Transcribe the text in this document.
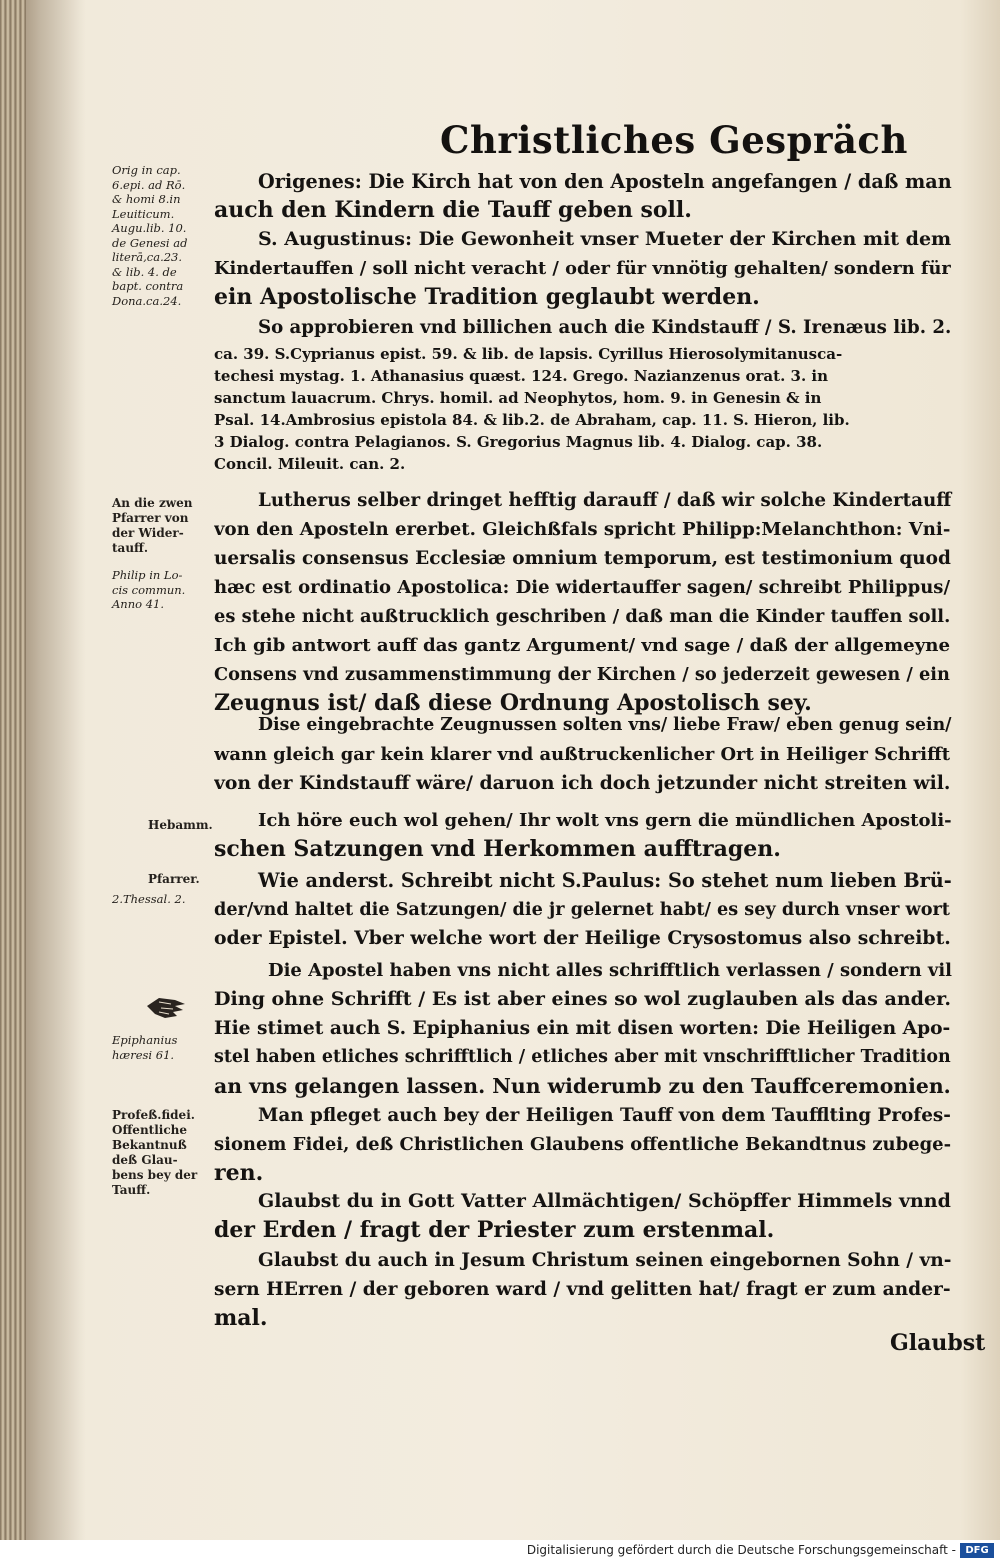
Christliches Gespräch
Origenes: Die Kirch hat von den Aposteln angefangen / daß man
auch den Kindern die Tauff geben soll.
S. Augustinus: Die Gewonheit vnser Mueter der Kirchen mit dem
Kindertauffen / soll nicht veracht / oder für vnnötig gehalten/ sondern für
ein Apostolische Tradition geglaubt werden.
So approbieren vnd billichen auch die Kindstauff / S. Irenæus lib. 2.
ca. 39. S.Cyprianus epist. 59. & lib. de lapsis. Cyrillus Hierosolymitanusca-
techesi mystag. 1. Athanasius quæst. 124. Grego. Nazianzenus orat. 3. in
sanctum lauacrum. Chrys. homil. ad Neophytos, hom. 9. in Genesin & in
Psal. 14.Ambrosius epistola 84. & lib.2. de Abraham, cap. 11. S. Hieron, lib.
3 Dialog. contra Pelagianos. S. Gregorius Magnus lib. 4. Dialog. cap. 38.
Concil. Mileuit. can. 2.
Lutherus selber dringet hefftig darauff / daß wir solche Kindertauff
von den Aposteln ererbet. Gleichßfals spricht Philipp:Melanchthon: Vni-
uersalis consensus Ecclesiæ omnium temporum, est testimonium quod
hæc est ordinatio Apostolica: Die widertauffer sagen/ schreibt Philippus/
es stehe nicht außtrucklich geschriben / daß man die Kinder tauffen soll.
Ich gib antwort auff das gantz Argument/ vnd sage / daß der allgemeyne
Consens vnd zusammenstimmung der Kirchen / so jederzeit gewesen / ein
Zeugnus ist/ daß diese Ordnung Apostolisch sey.
Dise eingebrachte Zeugnussen solten vns/ liebe Fraw/ eben genug sein/
wann gleich gar kein klarer vnd außtruckenlicher Ort in Heiliger Schrifft
von der Kindstauff wäre/ daruon ich doch jetzunder nicht streiten wil.
Ich höre euch wol gehen/ Ihr wolt vns gern die mündlichen Apostoli-
schen Satzungen vnd Herkommen aufftragen.
Wie anderst. Schreibt nicht S.Paulus: So stehet num lieben Brü-
der/vnd haltet die Satzungen/ die jr gelernet habt/ es sey durch vnser wort
oder Epistel. Vber welche wort der Heilige Crysostomus also schreibt.
Die Apostel haben vns nicht alles schrifftlich verlassen / sondern vil
Ding ohne Schrifft / Es ist aber eines so wol zuglauben als das ander.
Hie stimet auch S. Epiphanius ein mit disen worten: Die Heiligen Apo-
stel haben etliches schrifftlich / etliches aber mit vnschrifftlicher Tradition
an vns gelangen lassen. Nun widerumb zu den Tauffceremonien.
Man pfleget auch bey der Heiligen Tauff von dem Taufflting Profes-
sionem Fidei, deß Christlichen Glaubens offentliche Bekandtnus zubege-
ren.
Glaubst du in Gott Vatter Allmächtigen/ Schöpffer Himmels vnnd
der Erden / fragt der Priester zum erstenmal.
Glaubst du auch in Jesum Christum seinen eingebornen Sohn / vn-
sern HErren / der geboren ward / vnd gelitten hat/ fragt er zum ander-
mal.
Orig in cap.
6.epi. ad Rō.
& homi 8.in
Leuiticum.
Augu.lib. 10.
de Genesi ad
literā,ca.23.
& lib. 4. de
bapt. contra
Dona.ca.24.
An die zwen
Pfarrer von
der Wider-
tauff.
Philip in Lo-
cis commun.
Anno 41.
Hebamm.
Pfarrer.
2.Thessal. 2.
Epiphanius
hæresi 61.
Profeß.fidei.
Offentliche
Bekantnuß
deß Glau-
bens bey der
Tauff.
Glaubst
Digitalisierung gefördert durch die Deutsche Forschungsgemeinschaft - DFG
